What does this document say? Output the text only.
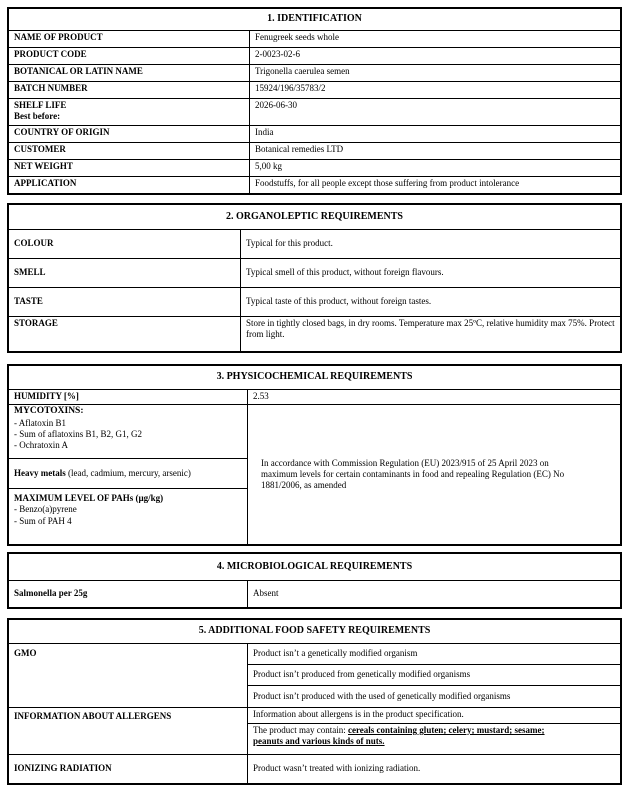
1. IDENTIFICATION	
NAME OF PRODUCT	Fenugreek seeds whole
PRODUCT CODE	2-0023-02-6
BOTANICAL OR LATIN NAME	Trigonella caerulea semen
BATCH NUMBER	15924/196/35783/2

SHELF LIFE
Best before:	2026-06-30
COUNTRY OF ORIGIN	India
CUSTOMER	Botanical remedies LTD
NET WEIGHT	5,00 kg
APPLICATION	Foodstuffs, for all people except those suffering from product intolerance
2. ORGANOLEPTIC REQUIREMENTS	
COLOUR	Typical for this product.
SMELL	Typical smell of this product, without foreign flavours.
TASTE	Typical taste of this product, without foreign tastes.
STORAGE	Store in tightly closed bags, in dry rooms. Temperature max 25ºC, relative humidity max 75%. Protect from light.
3. PHYSICOCHEMICAL REQUIREMENTS	
HUMIDITY [%]	2.53

MYCOTOXINS:
- Aflatoxin B1
- Sum of aflatoxins B1, B2, G1, G2
- Ochratoxin A	In accordance with Commission Regulation (EU) 2023/915 of 25 April 2023 on maximum levels for certain contaminants in food and repealing Regulation (EC) No 1881/2006, as amended
Heavy metals (lead, cadmium, mercury, arsenic)	

MAXIMUM LEVEL OF PAHs (µg/kg)
- Benzo(a)pyrene
- Sum of PAH 4	
4. MICROBIOLOGICAL REQUIREMENTS
Salmonella per 25g	Absent
5. ADDITIONAL FOOD SAFETY REQUIREMENTS	
GMO	Product isn’t a genetically modified organism
	Product isn’t produced from genetically modified organisms
	Product isn’t produced with the used of genetically modified organisms
INFORMATION ABOUT ALLERGENS	Information about allergens is in the product specification.
	The product may contain: cereals containing gluten; celery; mustard; sesame; peanuts and various kinds of nuts.
IONIZING RADIATION	Product wasn’t treated with ionizing radiation.
